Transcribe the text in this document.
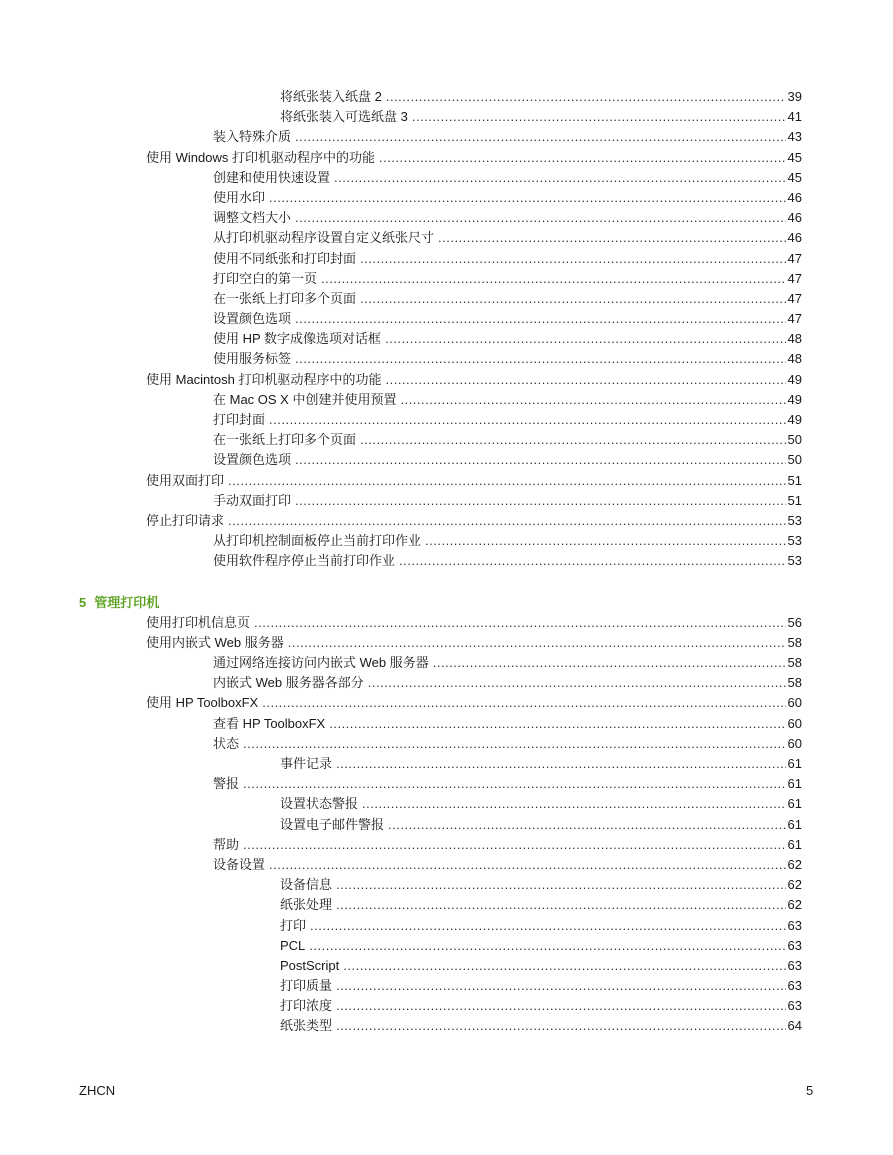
将纸张装入纸盘 2 .....	39
将纸张装入可选纸盘 3 .....	41
装入特殊介质 .....	43
使用 Windows 打印机驱动程序中的功能 .....	45
创建和使用快速设置 .....	45
使用水印 .....	46
调整文档大小 .....	46
从打印机驱动程序设置自定义纸张尺寸 .....	46
使用不同纸张和打印封面 .....	47
打印空白的第一页 .....	47
在一张纸上打印多个页面 .....	47
设置颜色选项 .....	47
使用 HP 数字成像选项对话框 .....	48
使用服务标签 .....	48
使用 Macintosh 打印机驱动程序中的功能 .....	49
在 Mac OS X 中创建并使用预置 .....	49
打印封面 .....	49
在一张纸上打印多个页面 .....	50
设置颜色选项 .....	50
使用双面打印 .....	51
手动双面打印 .....	51
停止打印请求 .....	53
从打印机控制面板停止当前打印作业 .....	53
使用软件程序停止当前打印作业 .....	53
5 管理打印机
使用打印机信息页 .....	56
使用内嵌式 Web 服务器 .....	58
通过网络连接访问内嵌式 Web 服务器 .....	58
内嵌式 Web 服务器各部分 .....	58
使用 HP ToolboxFX .....	60
查看 HP ToolboxFX .....	60
状态 .....	60
事件记录 .....	61
警报 .....	61
设置状态警报 .....	61
设置电子邮件警报 .....	61
帮助 .....	61
设备设置 .....	62
设备信息 .....	62
纸张处理 .....	62
打印 .....	63
PCL .....	63
PostScript .....	63
打印质量 .....	63
打印浓度 .....	63
纸张类型 .....	64
ZHCN	5
